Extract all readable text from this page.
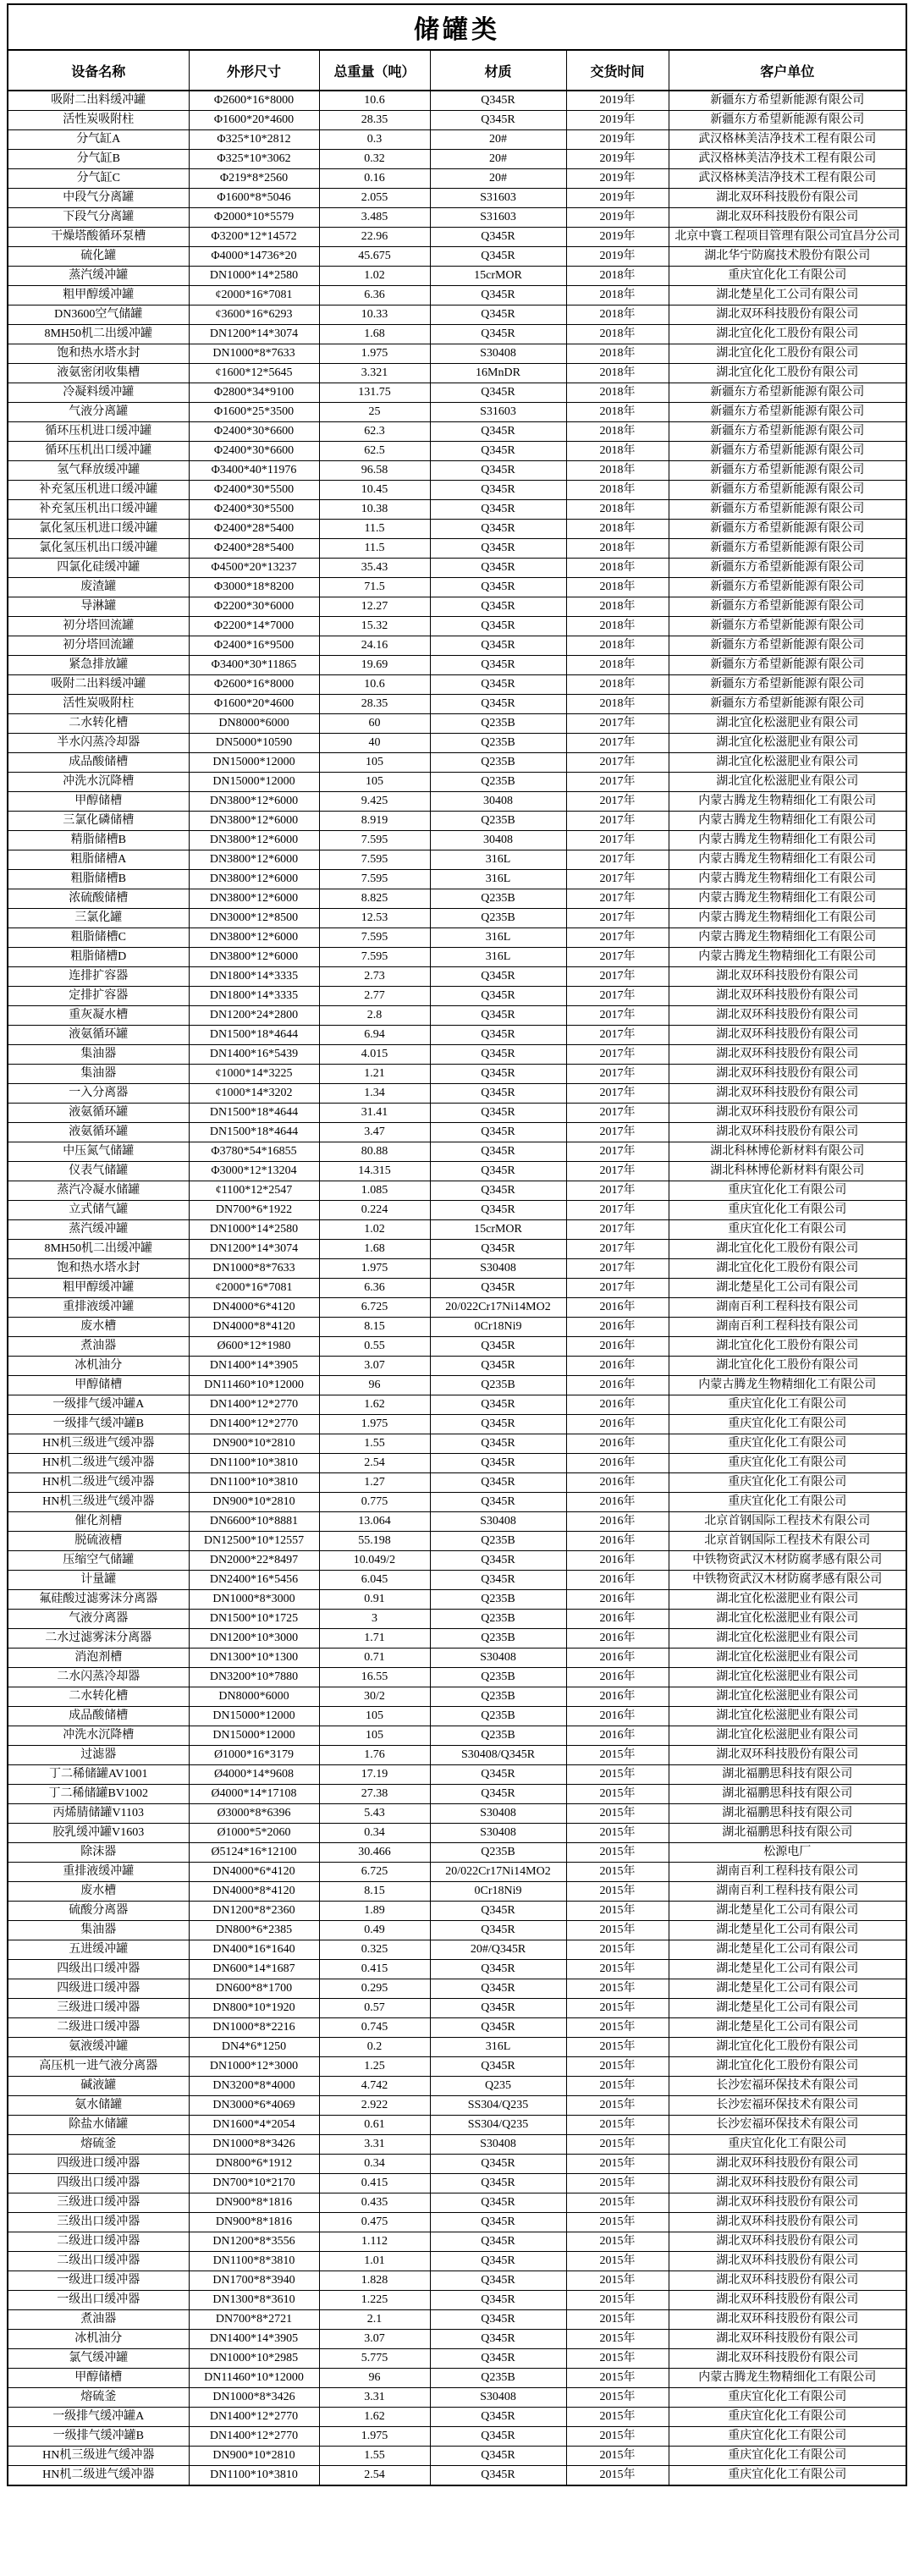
储罐类					
设备名称	外形尺寸	总重量（吨）	材质	交货时间	客户单位
吸附二出料缓冲罐	Φ2600*16*8000	10.6	Q345R	2019年	新疆东方希望新能源有限公司
活性炭吸附柱	Φ1600*20*4600	28.35	Q345R	2019年	新疆东方希望新能源有限公司
分气缸A	Φ325*10*2812	0.3	20#	2019年	武汉格林美洁净技术工程有限公司
分气缸B	Φ325*10*3062	0.32	20#	2019年	武汉格林美洁净技术工程有限公司
分气缸C	Φ219*8*2560	0.16	20#	2019年	武汉格林美洁净技术工程有限公司
中段气分离罐	Φ1600*8*5046	2.055	S31603	2019年	湖北双环科技股份有限公司
下段气分离罐	Φ2000*10*5579	3.485	S31603	2019年	湖北双环科技股份有限公司
干燥塔酸循环泵槽	Φ3200*12*14572	22.96	Q345R	2019年	北京中寰工程项目管理有限公司宜昌分公司
硫化罐	Φ4000*14736*20	45.675	Q345R	2019年	湖北华宁防腐技术股份有限公司
蒸汽缓冲罐	DN1000*14*2580	1.02	15crMOR	2018年	重庆宜化化工有限公司
粗甲醇缓冲罐	¢2000*16*7081	6.36	Q345R	2018年	湖北楚星化工公司有限公司
DN3600空气储罐	¢3600*16*6293	10.33	Q345R	2018年	湖北双环科技股份有限公司
8MH50机二出缓冲罐	DN1200*14*3074	1.68	Q345R	2018年	湖北宜化化工股份有限公司
饱和热水塔水封	DN1000*8*7633	1.975	S30408	2018年	湖北宜化化工股份有限公司
液氨密闭收集槽	¢1600*12*5645	3.321	16MnDR	2018年	湖北宜化化工股份有限公司
冷凝料缓冲罐	Φ2800*34*9100	131.75	Q345R	2018年	新疆东方希望新能源有限公司
气液分离罐	Φ1600*25*3500	25	S31603	2018年	新疆东方希望新能源有限公司
循环压机进口缓冲罐	Φ2400*30*6600	62.3	Q345R	2018年	新疆东方希望新能源有限公司
循环压机出口缓冲罐	Φ2400*30*6600	62.5	Q345R	2018年	新疆东方希望新能源有限公司
氢气释放缓冲罐	Φ3400*40*11976	96.58	Q345R	2018年	新疆东方希望新能源有限公司
补充氢压机进口缓冲罐	Φ2400*30*5500	10.45	Q345R	2018年	新疆东方希望新能源有限公司
补充氢压机出口缓冲罐	Φ2400*30*5500	10.38	Q345R	2018年	新疆东方希望新能源有限公司
氯化氢压机进口缓冲罐	Φ2400*28*5400	11.5	Q345R	2018年	新疆东方希望新能源有限公司
氯化氢压机出口缓冲罐	Φ2400*28*5400	11.5	Q345R	2018年	新疆东方希望新能源有限公司
四氯化硅缓冲罐	Φ4500*20*13237	35.43	Q345R	2018年	新疆东方希望新能源有限公司
废渣罐	Φ3000*18*8200	71.5	Q345R	2018年	新疆东方希望新能源有限公司
导淋罐	Φ2200*30*6000	12.27	Q345R	2018年	新疆东方希望新能源有限公司
初分塔回流罐	Φ2200*14*7000	15.32	Q345R	2018年	新疆东方希望新能源有限公司
初分塔回流罐	Φ2400*16*9500	24.16	Q345R	2018年	新疆东方希望新能源有限公司
紧急排放罐	Φ3400*30*11865	19.69	Q345R	2018年	新疆东方希望新能源有限公司
吸附二出料缓冲罐	Φ2600*16*8000	10.6	Q345R	2018年	新疆东方希望新能源有限公司
活性炭吸附柱	Φ1600*20*4600	28.35	Q345R	2018年	新疆东方希望新能源有限公司
二水转化槽	DN8000*6000	60	Q235B	2017年	湖北宜化松滋肥业有限公司
半水闪蒸冷却器	DN5000*10590	40	Q235B	2017年	湖北宜化松滋肥业有限公司
成品酸储槽	DN15000*12000	105	Q235B	2017年	湖北宜化松滋肥业有限公司
冲洗水沉降槽	DN15000*12000	105	Q235B	2017年	湖北宜化松滋肥业有限公司
甲醇储槽	DN3800*12*6000	9.425	30408	2017年	内蒙古腾龙生物精细化工有限公司
三氯化磷储槽	DN3800*12*6000	8.919	Q235B	2017年	内蒙古腾龙生物精细化工有限公司
精脂储槽B	DN3800*12*6000	7.595	30408	2017年	内蒙古腾龙生物精细化工有限公司
粗脂储槽A	DN3800*12*6000	7.595	316L	2017年	内蒙古腾龙生物精细化工有限公司
粗脂储槽B	DN3800*12*6000	7.595	316L	2017年	内蒙古腾龙生物精细化工有限公司
浓硫酸储槽	DN3800*12*6000	8.825	Q235B	2017年	内蒙古腾龙生物精细化工有限公司
三氯化罐	DN3000*12*8500	12.53	Q235B	2017年	内蒙古腾龙生物精细化工有限公司
粗脂储槽C	DN3800*12*6000	7.595	316L	2017年	内蒙古腾龙生物精细化工有限公司
粗脂储槽D	DN3800*12*6000	7.595	316L	2017年	内蒙古腾龙生物精细化工有限公司
连排扩容器	DN1800*14*3335	2.73	Q345R	2017年	湖北双环科技股份有限公司
定排扩容器	DN1800*14*3335	2.77	Q345R	2017年	湖北双环科技股份有限公司
重灰凝水槽	DN1200*24*2800	2.8	Q345R	2017年	湖北双环科技股份有限公司
液氨循环罐	DN1500*18*4644	6.94	Q345R	2017年	湖北双环科技股份有限公司
集油器	DN1400*16*5439	4.015	Q345R	2017年	湖北双环科技股份有限公司
集油器	¢1000*14*3225	1.21	Q345R	2017年	湖北双环科技股份有限公司
一入分离器	¢1000*14*3202	1.34	Q345R	2017年	湖北双环科技股份有限公司
液氨循环罐	DN1500*18*4644	31.41	Q345R	2017年	湖北双环科技股份有限公司
液氨循环罐	DN1500*18*4644	3.47	Q345R	2017年	湖北双环科技股份有限公司
中压氮气储罐	Φ3780*54*16855	80.88	Q345R	2017年	湖北科林博伦新材料有限公司
仪表气储罐	Φ3000*12*13204	14.315	Q345R	2017年	湖北科林博伦新材料有限公司
蒸汽冷凝水储罐	¢1100*12*2547	1.085	Q345R	2017年	重庆宜化化工有限公司
立式储气罐	DN700*6*1922	0.224	Q345R	2017年	重庆宜化化工有限公司
蒸汽缓冲罐	DN1000*14*2580	1.02	15crMOR	2017年	重庆宜化化工有限公司
8MH50机二出缓冲罐	DN1200*14*3074	1.68	Q345R	2017年	湖北宜化化工股份有限公司
饱和热水塔水封	DN1000*8*7633	1.975	S30408	2017年	湖北宜化化工股份有限公司
粗甲醇缓冲罐	¢2000*16*7081	6.36	Q345R	2017年	湖北楚星化工公司有限公司
重排液缓冲罐	DN4000*6*4120	6.725	20/022Cr17Ni14MO2	2016年	湖南百利工程科技有限公司
废水槽	DN4000*8*4120	8.15	0Cr18Ni9	2016年	湖南百利工程科技有限公司
煮油器	Ø600*12*1980	0.55	Q345R	2016年	湖北宜化化工股份有限公司
冰机油分	DN1400*14*3905	3.07	Q345R	2016年	湖北宜化化工股份有限公司
甲醇储槽	DN11460*10*12000	96	Q235B	2016年	内蒙古腾龙生物精细化工有限公司
一级排气缓冲罐A	DN1400*12*2770	1.62	Q345R	2016年	重庆宜化化工有限公司
一级排气缓冲罐B	DN1400*12*2770	1.975	Q345R	2016年	重庆宜化化工有限公司
HN机三级进气缓冲器	DN900*10*2810	1.55	Q345R	2016年	重庆宜化化工有限公司
HN机二级进气缓冲器	DN1100*10*3810	2.54	Q345R	2016年	重庆宜化化工有限公司
HN机二级进气缓冲器	DN1100*10*3810	1.27	Q345R	2016年	重庆宜化化工有限公司
HN机三级进气缓冲器	DN900*10*2810	0.775	Q345R	2016年	重庆宜化化工有限公司
催化剂槽	DN6600*10*8881	13.064	S30408	2016年	北京首钢国际工程技术有限公司
脱硫液槽	DN12500*10*12557	55.198	Q235B	2016年	北京首钢国际工程技术有限公司
压缩空气储罐	DN2000*22*8497	10.049/2	Q345R	2016年	中铁物资武汉木材防腐孝感有限公司
计量罐	DN2400*16*5456	6.045	Q345R	2016年	中铁物资武汉木材防腐孝感有限公司
氟硅酸过滤雾沫分离器	DN1000*8*3000	0.91	Q235B	2016年	湖北宜化松滋肥业有限公司
气液分离器	DN1500*10*1725	3	Q235B	2016年	湖北宜化松滋肥业有限公司
二水过滤雾沫分离器	DN1200*10*3000	1.71	Q235B	2016年	湖北宜化松滋肥业有限公司
消泡剂槽	DN1300*10*1300	0.71	S30408	2016年	湖北宜化松滋肥业有限公司
二水闪蒸冷却器	DN3200*10*7880	16.55	Q235B	2016年	湖北宜化松滋肥业有限公司
二水转化槽	DN8000*6000	30/2	Q235B	2016年	湖北宜化松滋肥业有限公司
成品酸储槽	DN15000*12000	105	Q235B	2016年	湖北宜化松滋肥业有限公司
冲洗水沉降槽	DN15000*12000	105	Q235B	2016年	湖北宜化松滋肥业有限公司
过滤器	Ø1000*16*3179	1.76	S30408/Q345R	2015年	湖北双环科技股份有限公司
丁二稀储罐AV1001	Ø4000*14*9608	17.19	Q345R	2015年	湖北福鹏思科技有限公司
丁二稀储罐BV1002	Ø4000*14*17108	27.38	Q345R	2015年	湖北福鹏思科技有限公司
丙烯腈储罐V1103	Ø3000*8*6396	5.43	S30408	2015年	湖北福鹏思科技有限公司
胶乳缓冲罐V1603	Ø1000*5*2060	0.34	S30408	2015年	湖北福鹏思科技有限公司
除沫器	Ø5124*16*12100	30.466	Q235B	2015年	松源电厂
重排液缓冲罐	DN4000*6*4120	6.725	20/022Cr17Ni14MO2	2015年	湖南百利工程科技有限公司
废水槽	DN4000*8*4120	8.15	0Cr18Ni9	2015年	湖南百利工程科技有限公司
硫酸分离器	DN1200*8*2360	1.89	Q345R	2015年	湖北楚星化工公司有限公司
集油器	DN800*6*2385	0.49	Q345R	2015年	湖北楚星化工公司有限公司
五进缓冲罐	DN400*16*1640	0.325	20#/Q345R	2015年	湖北楚星化工公司有限公司
四级出口缓冲器	DN600*14*1687	0.415	Q345R	2015年	湖北楚星化工公司有限公司
四级进口缓冲器	DN600*8*1700	0.295	Q345R	2015年	湖北楚星化工公司有限公司
三级进口缓冲器	DN800*10*1920	0.57	Q345R	2015年	湖北楚星化工公司有限公司
二级进口缓冲器	DN1000*8*2216	0.745	Q345R	2015年	湖北楚星化工公司有限公司
氨液缓冲罐	DN4*6*1250	0.2	316L	2015年	湖北宜化化工股份有限公司
高压机一进气液分离器	DN1000*12*3000	1.25	Q345R	2015年	湖北宜化化工股份有限公司
碱液罐	DN3200*8*4000	4.742	Q235	2015年	长沙宏福环保技术有限公司
氨水储罐	DN3000*6*4069	2.922	SS304/Q235	2015年	长沙宏福环保技术有限公司
除盐水储罐	DN1600*4*2054	0.61	SS304/Q235	2015年	长沙宏福环保技术有限公司
熔硫釜	DN1000*8*3426	3.31	S30408	2015年	重庆宜化化工有限公司
四级进口缓冲器	DN800*6*1912	0.34	Q345R	2015年	湖北双环科技股份有限公司
四级出口缓冲器	DN700*10*2170	0.415	Q345R	2015年	湖北双环科技股份有限公司
三级进口缓冲器	DN900*8*1816	0.435	Q345R	2015年	湖北双环科技股份有限公司
三级出口缓冲器	DN900*8*1816	0.475	Q345R	2015年	湖北双环科技股份有限公司
二级进口缓冲器	DN1200*8*3556	1.112	Q345R	2015年	湖北双环科技股份有限公司
二级出口缓冲器	DN1100*8*3810	1.01	Q345R	2015年	湖北双环科技股份有限公司
一级进口缓冲器	DN1700*8*3940	1.828	Q345R	2015年	湖北双环科技股份有限公司
一级出口缓冲器	DN1300*8*3610	1.225	Q345R	2015年	湖北双环科技股份有限公司
煮油器	DN700*8*2721	2.1	Q345R	2015年	湖北双环科技股份有限公司
冰机油分	DN1400*14*3905	3.07	Q345R	2015年	湖北双环科技股份有限公司
氯气缓冲罐	DN1000*10*2985	5.775	Q345R	2015年	湖北双环科技股份有限公司
甲醇储槽	DN11460*10*12000	96	Q235B	2015年	内蒙古腾龙生物精细化工有限公司
熔硫釜	DN1000*8*3426	3.31	S30408	2015年	重庆宜化化工有限公司
一级排气缓冲罐A	DN1400*12*2770	1.62	Q345R	2015年	重庆宜化化工有限公司
一级排气缓冲罐B	DN1400*12*2770	1.975	Q345R	2015年	重庆宜化化工有限公司
HN机三级进气缓冲器	DN900*10*2810	1.55	Q345R	2015年	重庆宜化化工有限公司
HN机二级进气缓冲器	DN1100*10*3810	2.54	Q345R	2015年	重庆宜化化工有限公司
